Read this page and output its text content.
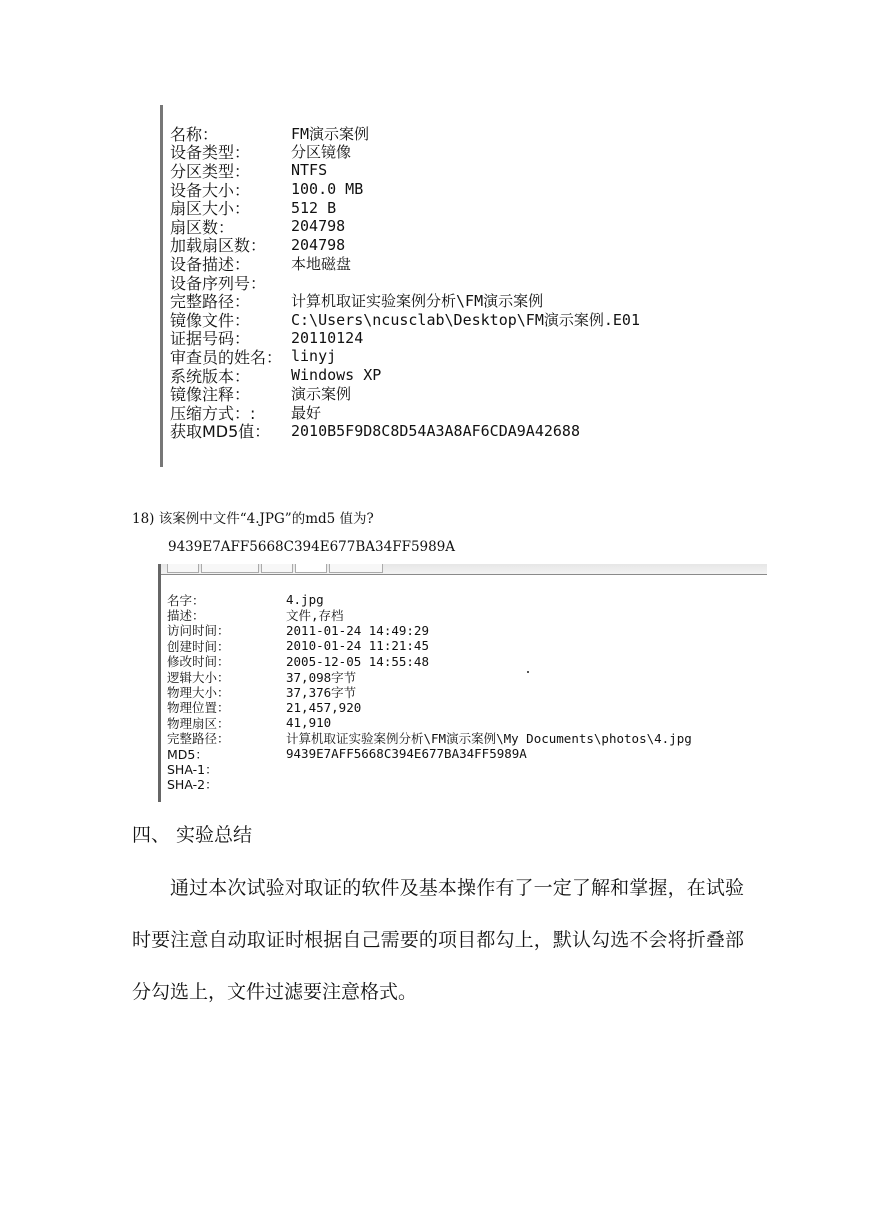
名称：	FM演示案例
设备类型：	分区镜像
分区类型：	NTFS
设备大小：	100.0 MB
扇区大小：	512 B
扇区数：	204798
加载扇区数：	204798
设备描述：	本地磁盘
设备序列号：
完整路径：	计算机取证实验案例分析\FM演示案例
镜像文件：	C:\Users\ncusclab\Desktop\FM演示案例.E01
证据号码：	20110124
审查员的姓名： linyj
系统版本：	Windows XP
镜像注释：	演示案例
压缩方式：:	最好
获取MD5值：	2010B5F9D8C8D54A3A8AF6CDA9A42688
18) 该案例中文件“4.JPG”的md5 值为?
9439E7AFF5668C394E677BA34FF5989A
名字：	4.jpg
描述：	文件,存档
访问时间：	2011-01-24 14:49:29
创建时间：	2010-01-24 11:21:45
修改时间：	2005-12-05 14:55:48
逻辑大小：	37,098字节
物理大小：	37,376字节
物理位置：	21,457,920
物理扇区：	41,910
完整路径：	计算机取证实验案例分析\FM演示案例\My Documents\photos\4.jpg
MD5：	9439E7AFF5668C394E677BA34FF5989A
SHA-1：
SHA-2：
四、 实验总结

通过本次试验对取证的软件及基本操作有了一定了解和掌握，在试验时要注意自动取证时根据自己需要的项目都勾上，默认勾选不会将折叠部分勾选上，文件过滤要注意格式。
